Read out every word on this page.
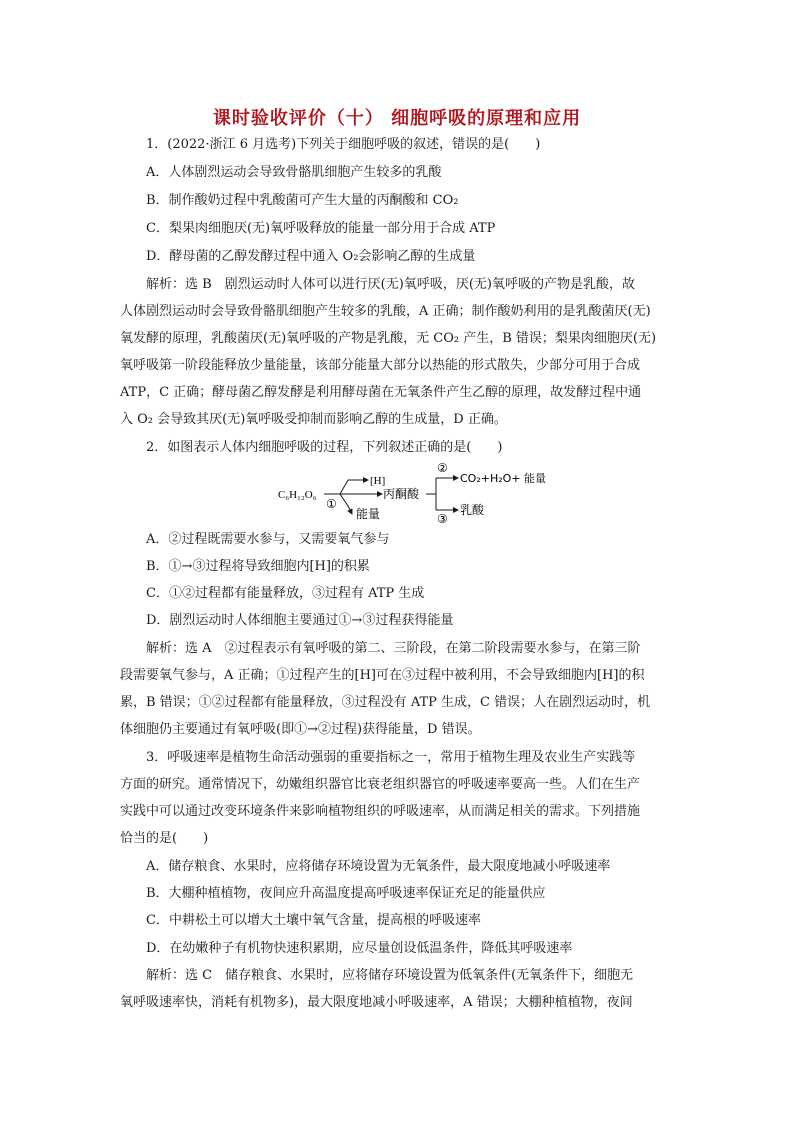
课时验收评价（十） 细胞呼吸的原理和应用

1．(2022·浙江 6 月选考)下列关于细胞呼吸的叙述，错误的是(　　)

A．人体剧烈运动会导致骨骼肌细胞产生较多的乳酸

B．制作酸奶过程中乳酸菌可产生大量的丙酮酸和 CO₂

C．梨果肉细胞厌(无)氧呼吸释放的能量一部分用于合成 ATP

D．酵母菌的乙醇发酵过程中通入 O₂会影响乙醇的生成量

解析：选 B　剧烈运动时人体可以进行厌(无)氧呼吸，厌(无)氧呼吸的产物是乳酸，故

人体剧烈运动时会导致骨骼肌细胞产生较多的乳酸，A 正确；制作酸奶利用的是乳酸菌厌(无)

氧发酵的原理，乳酸菌厌(无)氧呼吸的产物是乳酸，无 CO₂ 产生，B 错误；梨果肉细胞厌(无)

氧呼吸第一阶段能释放少量能量，该部分能量大部分以热能的形式散失，少部分可用于合成

ATP，C 正确；酵母菌乙醇发酵是利用酵母菌在无氧条件产生乙醇的原理，故发酵过程中通

入 O₂ 会导致其厌(无)氧呼吸受抑制而影响乙醇的生成量，D 正确。

2．如图表示人体内细胞呼吸的过程，下列叙述正确的是(　　)

C₆H₁₂O₆
[H]
①
能量
丙酮酸
②
CO₂+H₂O+ 能量
③
乳酸

A．②过程既需要水参与，又需要氧气参与

B．①→③过程将导致细胞内[H]的积累

C．①②过程都有能量释放，③过程有 ATP 生成

D．剧烈运动时人体细胞主要通过①→③过程获得能量

解析：选 A　②过程表示有氧呼吸的第二、三阶段，在第二阶段需要水参与，在第三阶

段需要氧气参与，A 正确；①过程产生的[H]可在③过程中被利用，不会导致细胞内[H]的积

累，B 错误；①②过程都有能量释放，③过程没有 ATP 生成，C 错误；人在剧烈运动时，机

体细胞仍主要通过有氧呼吸(即①→②过程)获得能量，D 错误。

3．呼吸速率是植物生命活动强弱的重要指标之一，常用于植物生理及农业生产实践等

方面的研究。通常情况下，幼嫩组织器官比衰老组织器官的呼吸速率要高一些。人们在生产

实践中可以通过改变环境条件来影响植物组织的呼吸速率，从而满足相关的需求。下列措施

恰当的是(　　)

A．储存粮食、水果时，应将储存环境设置为无氧条件，最大限度地减小呼吸速率

B．大棚种植植物，夜间应升高温度提高呼吸速率保证充足的能量供应

C．中耕松土可以增大土壤中氧气含量，提高根的呼吸速率

D．在幼嫩种子有机物快速积累期，应尽量创设低温条件，降低其呼吸速率

解析：选 C　储存粮食、水果时，应将储存环境设置为低氧条件(无氧条件下，细胞无

氧呼吸速率快，消耗有机物多)，最大限度地减小呼吸速率，A 错误；大棚种植植物，夜间
